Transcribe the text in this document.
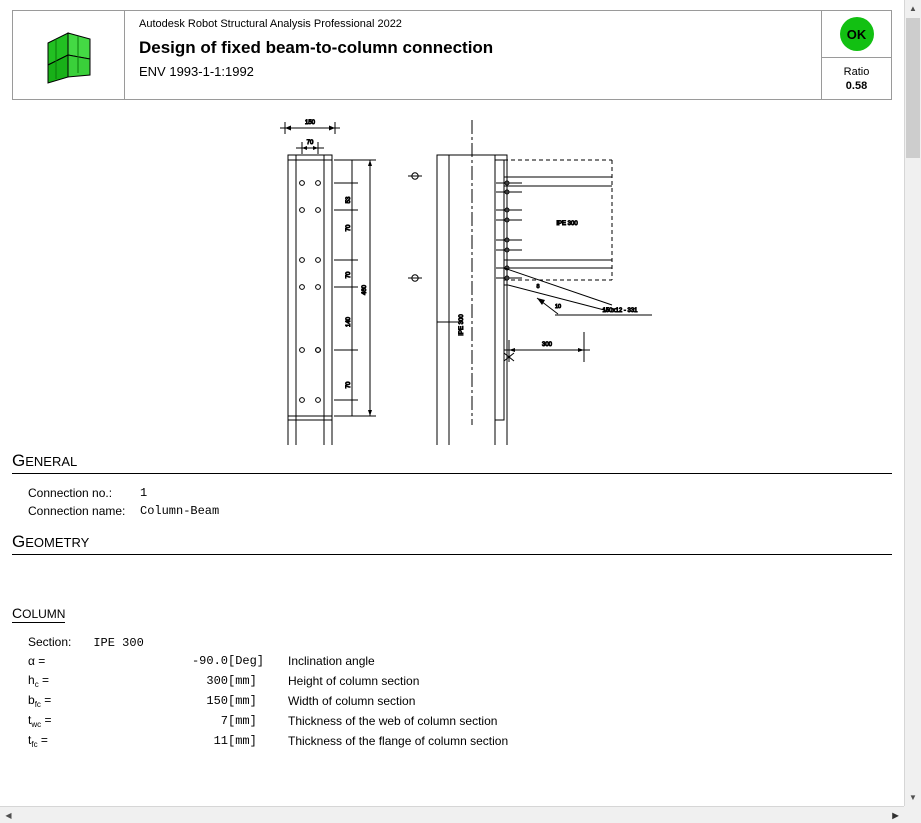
Autodesk Robot Structural Analysis Professional 2022
Design of fixed beam-to-column connection
ENV 1993-1-1:1992
OK
Ratio
0.58
150
70
53
70
70
140
70
460
IPE 300
150x12 - 331
8
10
IPE 300
300
GENERAL
Connection no.:	1
Connection name:	Column-Beam
GEOMETRY
COLUMN
Section: IPE 300
α =	-90.0	[Deg]	Inclination angle
$h_c$ =	300	[mm]	Height of column section
$b_{fc}$ =	150	[mm]	Width of column section
$t_{wc}$ =	7	[mm]	Thickness of the web of column section
$t_{fc}$ =	11	[mm]	Thickness of the flange of column section
▲
▼
◀	▶
